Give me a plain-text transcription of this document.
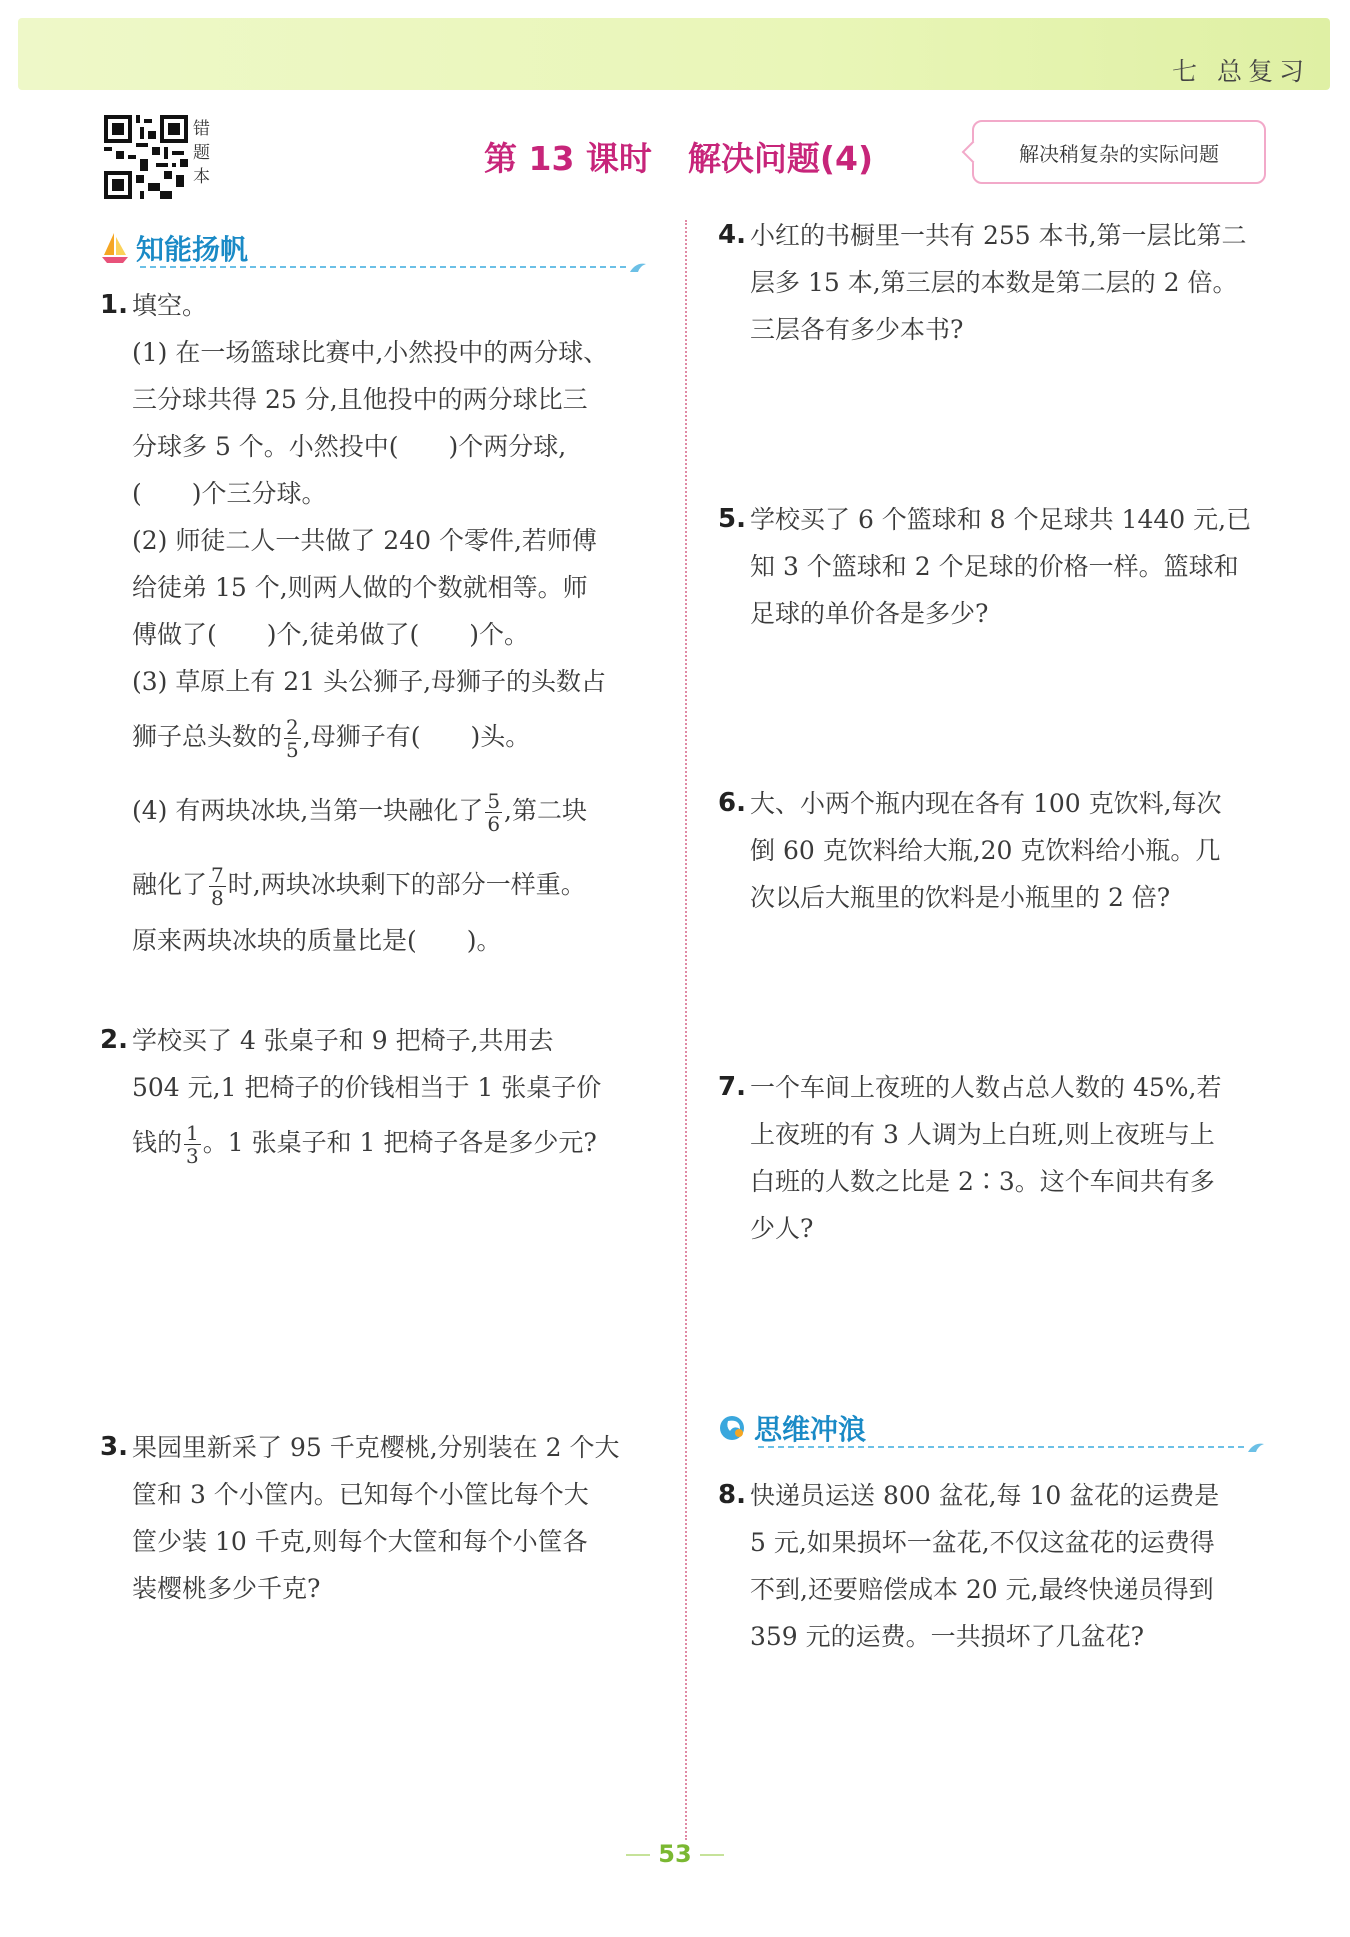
七 总复习
错题本	第 13 课时 解决问题(4)	解决稍复杂的实际问题
知能扬帆
1. 填空。
(1) 在一场篮球比赛中,小然投中的两分球、
三分球共得 25 分,且他投中的两分球比三
分球多 5 个。小然投中(　　)个两分球,
(　　)个三分球。
(2) 师徒二人一共做了 240 个零件,若师傅
给徒弟 15 个,则两人做的个数就相等。师
傅做了(　　)个,徒弟做了(　　)个。
(3) 草原上有 21 头公狮子,母狮子的头数占
狮子总头数的 $\frac{2}{5}$ ,母狮子有(　　)头。
(4) 有两块冰块,当第一块融化了 $\frac{5}{6}$ ,第二块
融化了 $\frac{7}{8}$ 时,两块冰块剩下的部分一样重。
原来两块冰块的质量比是(　　)。
2. 学校买了 4 张桌子和 9 把椅子,共用去
504 元,1 把椅子的价钱相当于 1 张桌子价
钱的 $\frac{1}{3}$ 。1 张桌子和 1 把椅子各是多少元?
3. 果园里新采了 95 千克樱桃,分别装在 2 个大
筐和 3 个小筐内。已知每个小筐比每个大
筐少装 10 千克,则每个大筐和每个小筐各
装樱桃多少千克?
4. 小红的书橱里一共有 255 本书,第一层比第二
层多 15 本,第三层的本数是第二层的 2 倍。
三层各有多少本书?
5. 学校买了 6 个篮球和 8 个足球共 1440 元,已
知 3 个篮球和 2 个足球的价格一样。篮球和
足球的单价各是多少?
6. 大、小两个瓶内现在各有 100 克饮料,每次
倒 60 克饮料给大瓶,20 克饮料给小瓶。几
次以后大瓶里的饮料是小瓶里的 2 倍?
7. 一个车间上夜班的人数占总人数的 45%,若
上夜班的有 3 人调为上白班,则上夜班与上
白班的人数之比是 2∶3。这个车间共有多
少人?
8. 快递员运送 800 盆花,每 10 盆花的运费是
5 元,如果损坏一盆花,不仅这盆花的运费得
不到,还要赔偿成本 20 元,最终快递员得到
359 元的运费。一共损坏了几盆花?
思维冲浪
53
